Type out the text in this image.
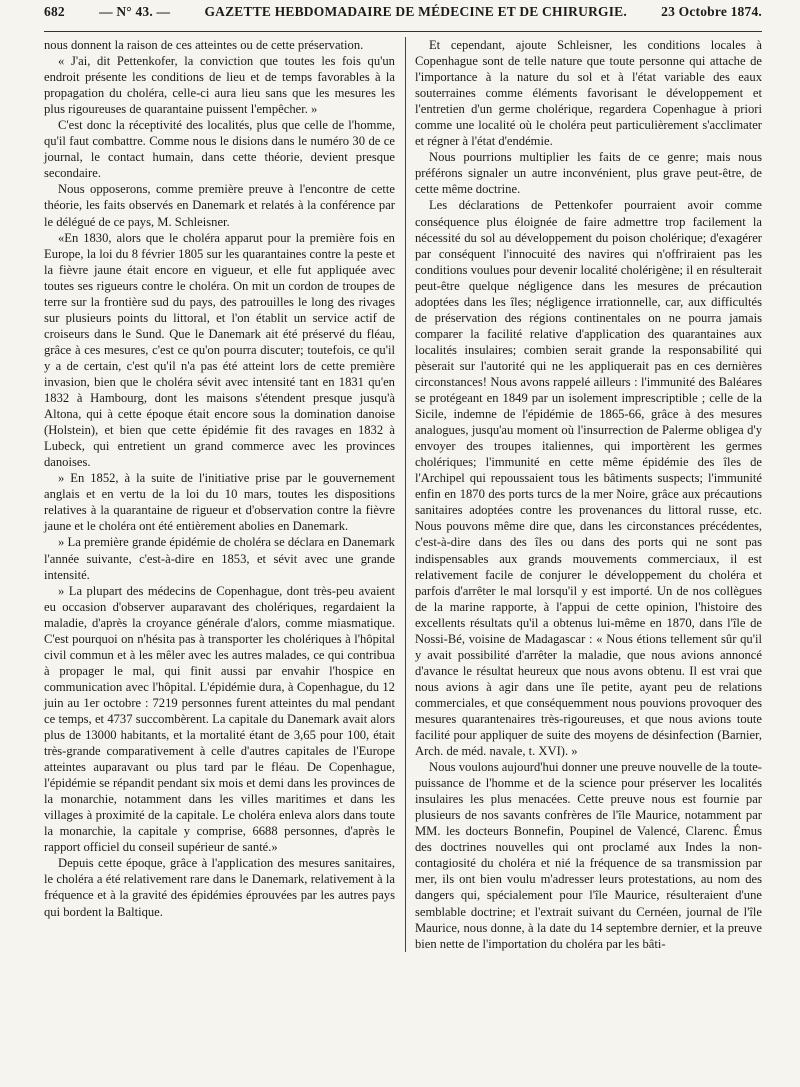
682	— N° 43. —	GAZETTE HEBDOMADAIRE DE MÉDECINE ET DE CHIRURGIE.	23 Octobre 1874.

nous donnent la raison de ces atteintes ou de cette préservation.

« J'ai, dit Pettenkofer, la conviction que toutes les fois qu'un endroit présente les conditions de lieu et de temps favorables à la propagation du choléra, celle-ci aura lieu sans que les mesures les plus rigoureuses de quarantaine puissent l'empêcher. »

C'est donc la réceptivité des localités, plus que celle de l'homme, qu'il faut combattre. Comme nous le disions dans le numéro 30 de ce journal, le contact humain, dans cette théorie, devient presque secondaire.

Nous opposerons, comme première preuve à l'encontre de cette théorie, les faits observés en Danemark et relatés à la conférence par le délégué de ce pays, M. Schleisner.

«En 1830, alors que le choléra apparut pour la première fois en Europe, la loi du 8 février 1805 sur les quarantaines contre la peste et la fièvre jaune était encore en vigueur, et elle fut appliquée avec toutes ses rigueurs contre le choléra. On mit un cordon de troupes de terre sur la frontière sud du pays, des patrouilles le long des rivages sur plusieurs points du littoral, et l'on établit un service actif de croiseurs dans le Sund. Que le Danemark ait été préservé du fléau, grâce à ces mesures, c'est ce qu'on pourra discuter; toutefois, ce qu'il y a de certain, c'est qu'il n'a pas été atteint lors de cette première invasion, bien que le choléra sévit avec intensité tant en 1831 qu'en 1832 à Hambourg, dont les maisons s'étendent presque jusqu'à Altona, qui à cette époque était encore sous la domination danoise (Holstein), et bien que cette épidémie fit des ravages en 1832 à Lubeck, qui entretient un grand commerce avec les provinces danoises.

» En 1852, à la suite de l'initiative prise par le gouvernement anglais et en vertu de la loi du 10 mars, toutes les dispositions relatives à la quarantaine de rigueur et d'observation contre la fièvre jaune et le choléra ont été entièrement abolies en Danemark.

» La première grande épidémie de choléra se déclara en Danemark l'année suivante, c'est-à-dire en 1853, et sévit avec une grande intensité.

» La plupart des médecins de Copenhague, dont très-peu avaient eu occasion d'observer auparavant des cholériques, regardaient la maladie, d'après la croyance générale d'alors, comme miasmatique. C'est pourquoi on n'hésita pas à transporter les cholériques à l'hôpital civil commun et à les mêler avec les autres malades, ce qui contribua à propager le mal, qui finit aussi par envahir l'hospice en communication avec l'hôpital. L'épidémie dura, à Copenhague, du 12 juin au 1er octobre : 7219 personnes furent atteintes du mal pendant ce temps, et 4737 succombèrent. La capitale du Danemark avait alors plus de 13000 habitants, et la mortalité étant de 3,65 pour 100, était très-grande comparativement à celle d'autres capitales de l'Europe atteintes auparavant ou plus tard par le fléau. De Copenhague, l'épidémie se répandit pendant six mois et demi dans les provinces de la monarchie, notamment dans les villes maritimes et dans les villages à proximité de la capitale. Le choléra enleva alors dans toute la monarchie, la capitale y comprise, 6688 personnes, d'après le rapport officiel du conseil supérieur de santé.»

Depuis cette époque, grâce à l'application des mesures sanitaires, le choléra a été relativement rare dans le Danemark, relativement à la fréquence et à la gravité des épidémies éprouvées par les autres pays qui bordent la Baltique.

Et cependant, ajoute Schleisner, les conditions locales à Copenhague sont de telle nature que toute personne qui attache de l'importance à la nature du sol et à l'état variable des eaux souterraines comme éléments favorisant le développement et l'entretien d'un germe cholérique, regardera Copenhague à priori comme une localité où le choléra peut particulièrement s'acclimater et régner à l'état d'endémie.

Nous pourrions multiplier les faits de ce genre; mais nous préférons signaler un autre inconvénient, plus grave peut-être, de cette même doctrine.

Les déclarations de Pettenkofer pourraient avoir comme conséquence plus éloignée de faire admettre trop facilement la nécessité du sol au développement du poison cholérique; d'exagérer par conséquent l'innocuité des navires qui n'offriraient pas les conditions voulues pour devenir localité cholérigène; il en résulterait peut-être quelque négligence dans les mesures de précaution adoptées dans les îles; négligence irrationnelle, car, aux difficultés de préservation des régions continentales on ne pourra jamais comparer la facilité relative d'application des quarantaines aux localités insulaires; combien serait grande la responsabilité qui pèserait sur l'autorité qui ne les appliquerait pas en ces dernières circonstances! Nous avons rappelé ailleurs : l'immunité des Baléares se protégeant en 1849 par un isolement imprescriptible ; celle de la Sicile, indemne de l'épidémie de 1865-66, grâce à des mesures analogues, jusqu'au moment où l'insurrection de Palerme obligea d'y envoyer des troupes italiennes, qui importèrent les germes cholériques; l'immunité en cette même épidémie des îles de l'Archipel qui repoussaient tous les bâtiments suspects; l'immunité enfin en 1870 des ports turcs de la mer Noire, grâce aux précautions sanitaires adoptées contre les provenances du littoral russe, etc. Nous pouvons même dire que, dans les circonstances précédentes, c'est-à-dire dans des îles ou dans des ports qui ne sont pas indispensables aux grands mouvements commerciaux, il est relativement facile de conjurer le développement du choléra et parfois d'arrêter le mal lorsqu'il y est importé. Un de nos collègues de la marine rapporte, à l'appui de cette opinion, l'histoire des excellents résultats qu'il a obtenus lui-même en 1870, dans l'île de Nossi-Bé, voisine de Madagascar : « Nous étions tellement sûr qu'il y avait possibilité d'arrêter la maladie, que nous avions annoncé d'avance le résultat heureux que nous avons obtenu. Il est vrai que nous avions à agir dans une île petite, ayant peu de relations commerciales, et que conséquemment nous pouvions provoquer des mesures quarantenaires très-rigoureuses, et que nous avions toute facilité pour appliquer de suite des moyens de désinfection (Barnier, Arch. de méd. navale, t. XVI). »

Nous voulons aujourd'hui donner une preuve nouvelle de la toute-puissance de l'homme et de la science pour préserver les localités insulaires les plus menacées. Cette preuve nous est fournie par plusieurs de nos savants confrères de l'île Maurice, notamment par MM. les docteurs Bonnefin, Poupinel de Valencé, Clarenc. Émus des doctrines nouvelles qui ont proclamé aux Indes la non-contagiosité du choléra et nié la fréquence de sa transmission par mer, ils ont bien voulu m'adresser leurs protestations, au nom des dangers qui, spécialement pour l'île Maurice, résulteraient d'une semblable doctrine; et l'extrait suivant du Cernéen, journal de l'île Maurice, nous donne, à la date du 14 septembre dernier, et la preuve bien nette de l'importation du choléra par les bâti-
